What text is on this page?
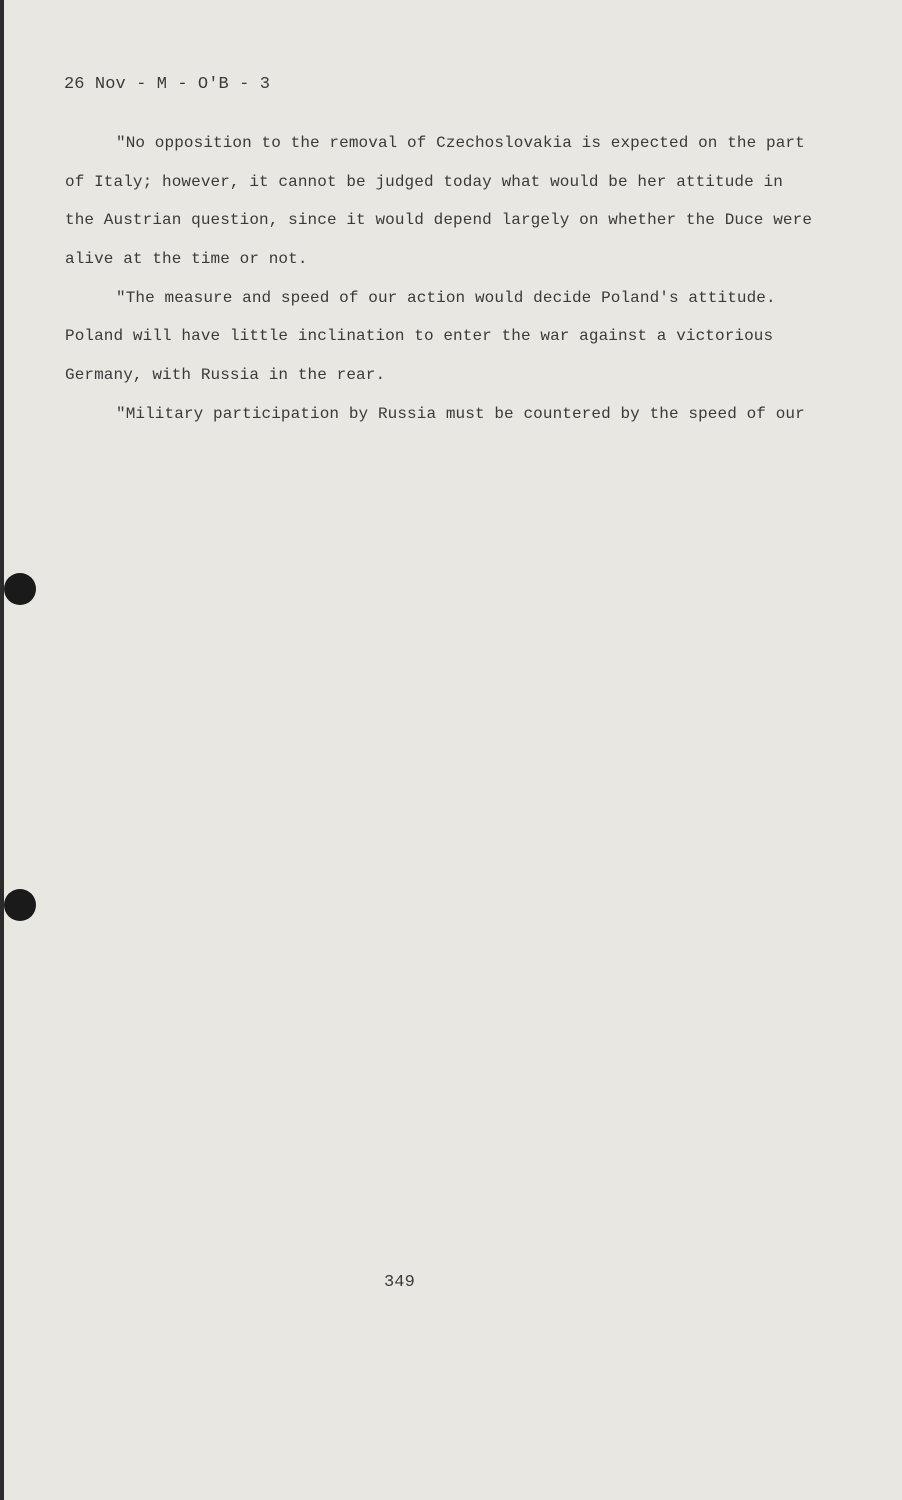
26 Nov - M - O'B - 3
"No opposition to the removal of Czechoslovakia is expected on the part
of Italy; however, it cannot be judged today what would be her attitude in
the Austrian question, since it would depend largely on whether the Duce were
alive at the time or not.
"The measure and speed of our action would decide Poland's attitude.
Poland will have little inclination to enter the war against a victorious
Germany, with Russia in the rear.
"Military participation by Russia must be countered by the speed of our
349
